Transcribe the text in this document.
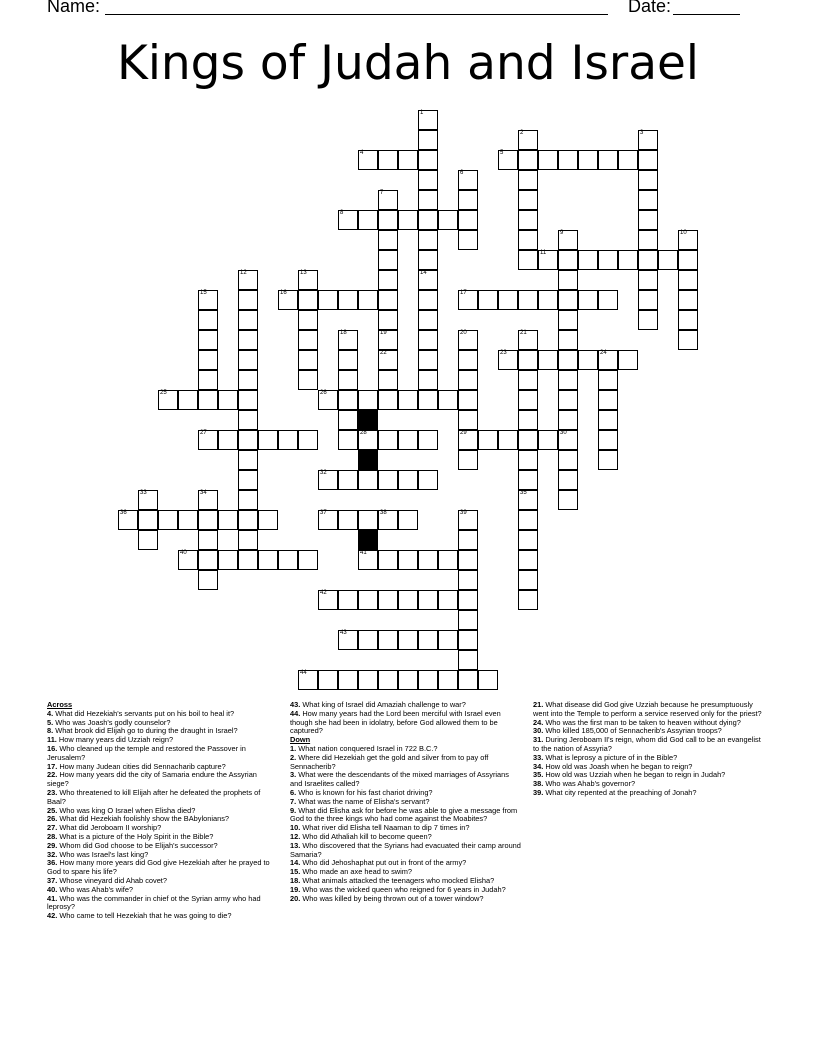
Name:	Date:
Kings of Judah and Israel
4	5
8
11
16	17
23	24
25	26
27	28	29	30
32
36	37	38
40	41
42
43
44
1
14
2	3
6
7
19
22
9	10
12	13
15
18	20	21
35
33	34
39
Across

4. What did Hezekiah's servants put on his boil to heal it?

5. Who was Joash's godly counselor?

8. What brook did Elijah go to during the draught in Israel?

11. How many years did Uzziah reign?

16. Who cleaned up the temple and restored the Passover in Jerusalem?

17. How many Judean cities did Sennacharib capture?

22. How many years did the city of Samaria endure the Assyrian siege?

23. Who threatened to kill Elijah after he defeated the prophets of Baal?

25. Who was king O Israel when Elisha died?

26. What did Hezekiah foolishly show the BAbylonians?

27. What did Jeroboam II worship?

28. What is a picture of the Holy Spirit in the Bible?

29. Whom did God choose to be Elijah's successor?

32. Who was Israel's last king?

36. How many more years did God give Hezekiah after he prayed to God to spare his life?

37. Whose vineyard did Ahab covet?

40. Who was Ahab's wife?

41. Who was the commander in chief ot the Syrian army who had leprosy?

42. Who came to tell Hezekiah that he was going to die?

43. What king of Israel did Amaziah challenge to war?

44. How many years had the Lord been merciful with Israel even though she had been in idolatry, before God allowed them to be captured?

Down

1. What nation conquered Israel in 722 B.C.?

2. Where did Hezekiah get the gold and silver from to pay off Sennacherib?

3. What were the descendants of the mixed marriages of Assyrians and Israelites called?

6. Who is known for his fast chariot driving?

7. What was the name of Elisha's servant?

9. What did Elisha ask for before he was able to give a message from God to the three kings who had come against the Moabites?

10. What river did Elisha tell Naaman to dip 7 times in?

12. Who did Athaliah kill to become queen?

13. Who discovered that the Syrians had evacuated their camp around Samaria?

14. Who did Jehoshaphat put out in front of the army?

15. Who made an axe head to swim?

18. What animals attacked the teenagers who mocked Elisha?

19. Who was the wicked queen who reigned for 6 years in Judah?

20. Who was killed by being thrown out of a tower window?

21. What disease did God give Uzziah because he presumptuously went into the Temple to perform a service reserved only for the priest?

24. Who was the first man to be taken to heaven without dying?

30. Who killed 185,000 of Sennacherib's Assyrian troops?

31. During Jeroboam II's reign, whom did God call to be an evangelist to the nation of Assyria?

33. What is leprosy a picture of in the Bible?

34. How old was Joash when he began to reign?

35. How old was Uzziah when he began to reign in Judah?

38. Who was Ahab's governor?

39. What city repented at the preaching of Jonah?
